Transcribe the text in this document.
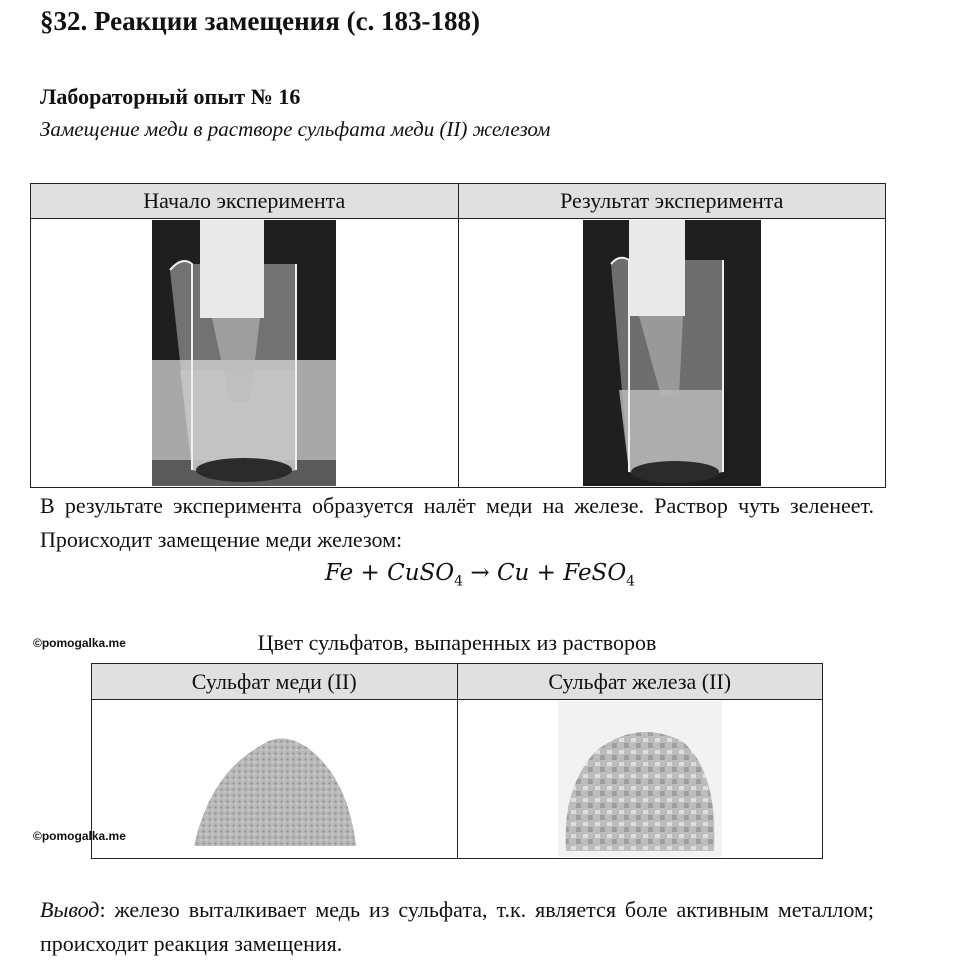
§32. Реакции замещения (с. 183-188)
Лабораторный опыт № 16
Замещение меди в растворе сульфата меди (II) железом
Начало эксперимента	Результат эксперимента

В результате эксперимента образуется налёт меди на железе. Раствор чуть зеленеет. Происходит замещение меди железом:
Fe + CuSO$_4$ → Cu + FeSO$_4$
©pomogalka.me	Цвет сульфатов, выпаренных из растворов
Сульфат меди (II)	Сульфат железа (II)

©pomogalka.me
Вывод: железо выталкивает медь из сульфата, т.к. является боле активным металлом; происходит реакция замещения.
